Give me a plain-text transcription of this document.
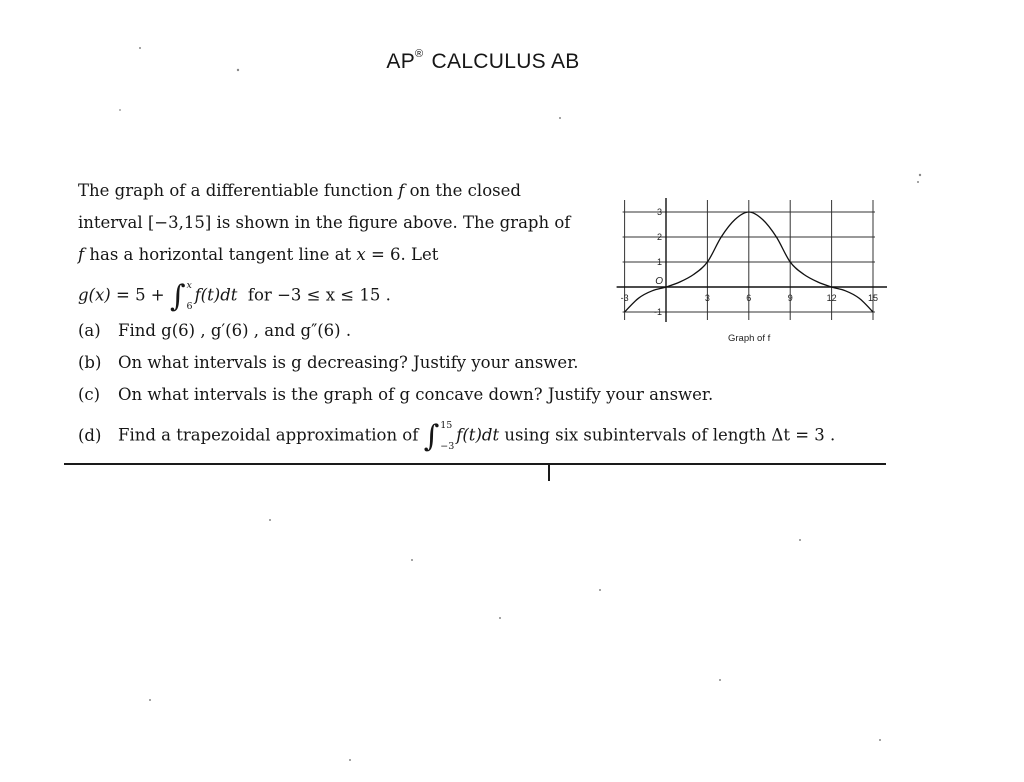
AP® CALCULUS AB
The graph of a differentiable function f on the closed
interval [−3,15] is shown in the figure above. The graph of
f has a horizontal tangent line at x = 6. Let
g(x) = 5 + ∫ x
6
f(t)dt for −3 ≤ x ≤ 15 .
(a) Find g(6) , g′(6) , and g″(6) .
(b) On what intervals is g decreasing? Justify your answer.
(c) On what intervals is the graph of g concave down? Justify your answer.
(d) Find a trapezoidal approximation of ∫ 15
−3
f(t)dt using six subintervals of length Δt = 3 .
-3	3	6	9	12	15
-1
1
2
3
O
Graph of f
